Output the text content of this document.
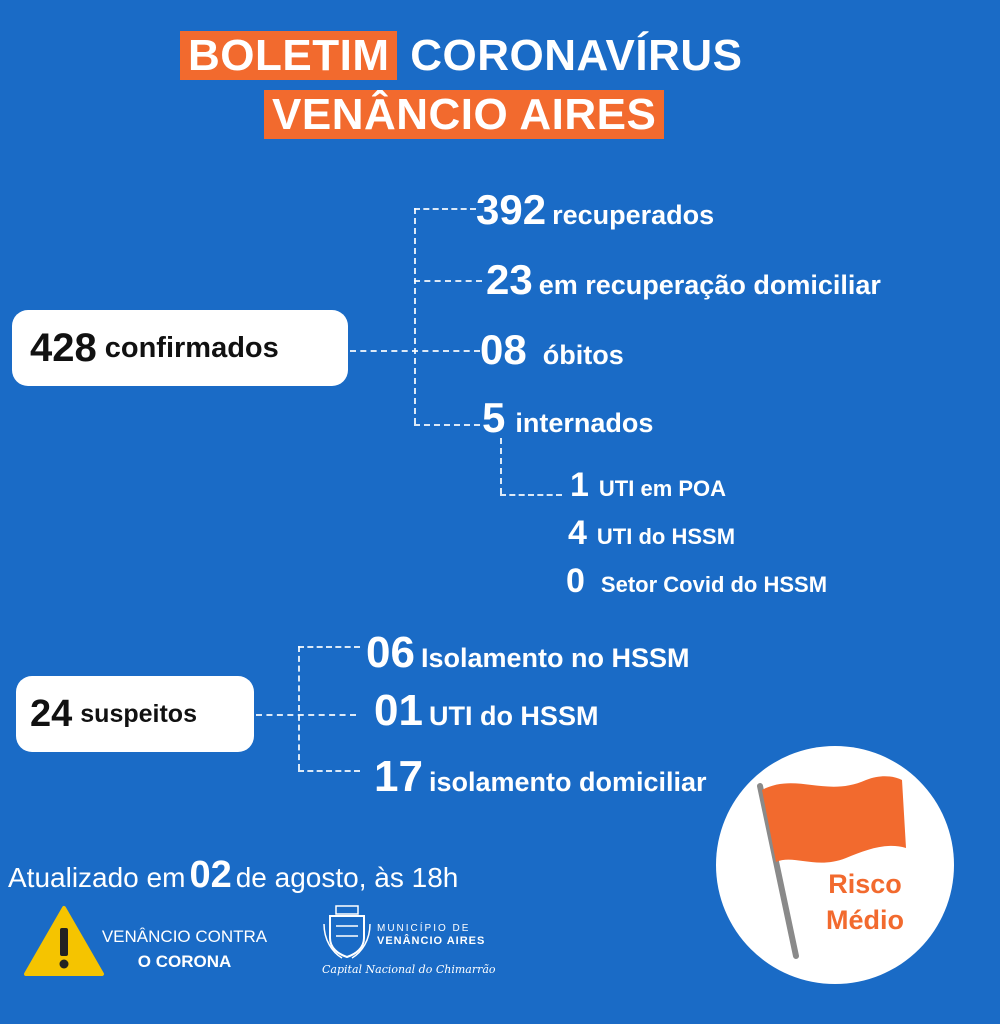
BOLETIM CORONAVÍRUS
VENÂNCIO AIRES
428 confirmados
392 recuperados
23 em recuperação domiciliar
08 óbitos
5 internados
1 UTI em POA
4 UTI do HSSM
0 Setor Covid do HSSM
24 suspeitos
06 Isolamento no HSSM
01 UTI do HSSM
17 isolamento domiciliar
Risco
Médio
Atualizado em 02 de agosto, às 18h
VENÂNCIO CONTRA
O CORONA
MUNICÍPIO DE
VENÂNCIO AIRES
Capital Nacional do Chimarrão
